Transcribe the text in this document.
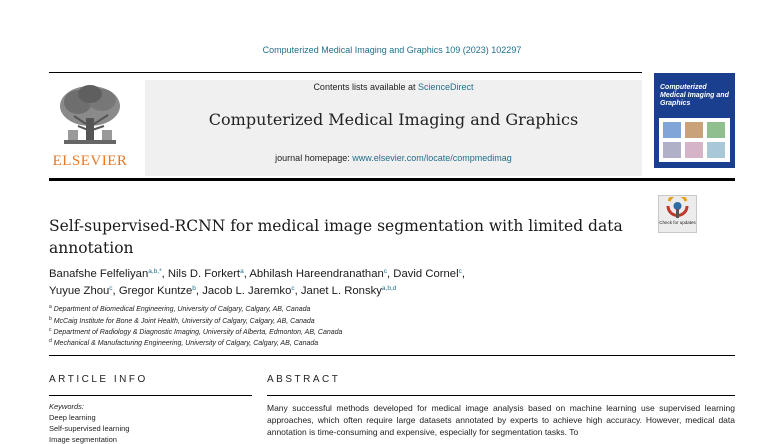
Computerized Medical Imaging and Graphics 109 (2023) 102297
ELSEVIER
Contents lists available at ScienceDirect
Computerized Medical Imaging and Graphics
journal homepage: www.elsevier.com/locate/compmedimag
Computerized Medical Imaging and Graphics
Check for updates
Self-supervised-RCNN for medical image segmentation with limited data annotation
Banafshe Felfeliyan$^{a,b,*}$, Nils D. Forkert$^a$, Abhilash Hareendranathan$^c$, David Cornel$^c$,
Yuyue Zhou$^c$, Gregor Kuntze$^b$, Jacob L. Jaremko$^c$, Janet L. Ronsky$^{a,b,d}$
$^a$ Department of Biomedical Engineering, University of Calgary, Calgary, AB, Canada
$^b$ McCaig Institute for Bone & Joint Health, University of Calgary, Calgary, AB, Canada
$^c$ Department of Radiology & Diagnostic Imaging, University of Alberta, Edmonton, AB, Canada
$^d$ Mechanical & Manufacturing Engineering, University of Calgary, Calgary, AB, Canada
ARTICLE INFO
Keywords:
Deep learning
Self-supervised learning
Image segmentation
ABSTRACT
Many successful methods developed for medical image analysis based on machine learning use supervised learning approaches, which often require large datasets annotated by experts to achieve high accuracy. However, medical data annotation is time-consuming and expensive, especially for segmentation tasks. To
